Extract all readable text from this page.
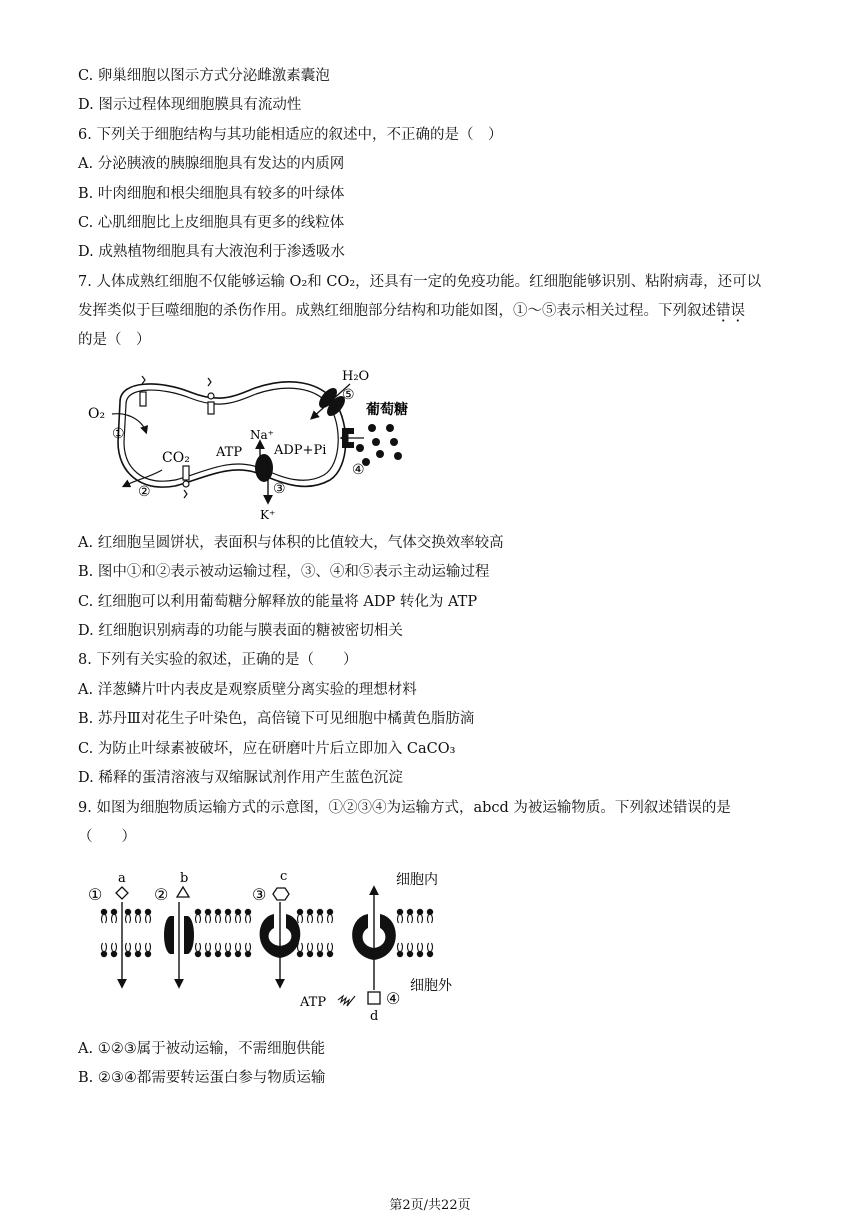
C. 卵巢细胞以图示方式分泌雌激素囊泡
D. 图示过程体现细胞膜具有流动性
6. 下列关于细胞结构与其功能相适应的叙述中，不正确的是（　）
A. 分泌胰液的胰腺细胞具有发达的内质网
B. 叶肉细胞和根尖细胞具有较多的叶绿体
C. 心肌细胞比上皮细胞具有更多的线粒体
D. 成熟植物细胞具有大液泡利于渗透吸水
7. 人体成熟红细胞不仅能够运输 O₂和 CO₂，还具有一定的免疫功能。红细胞能够识别、粘附病毒，还可以
发挥类似于巨噬细胞的杀伤作用。成熟红细胞部分结构和功能如图，①～⑤表示相关过程。下列叙述错误
的是（　）
O₂
①
CO₂
②
Na⁺
ATP ADP+Pi
③
K⁺
H₂O
⑤
葡萄糖
④
A. 红细胞呈圆饼状，表面积与体积的比值较大，气体交换效率较高
B. 图中①和②表示被动运输过程，③、④和⑤表示主动运输过程
C. 红细胞可以利用葡萄糖分解释放的能量将 ADP 转化为 ATP
D. 红细胞识别病毒的功能与膜表面的糖被密切相关
8. 下列有关实验的叙述，正确的是（　　）
A. 洋葱鳞片叶内表皮是观察质壁分离实验的理想材料
B. 苏丹Ⅲ对花生子叶染色，高倍镜下可见细胞中橘黄色脂肪滴
C. 为防止叶绿素被破坏，应在研磨叶片后立即加入 CaCO₃
D. 稀释的蛋清溶液与双缩脲试剂作用产生蓝色沉淀
9. 如图为细胞物质运输方式的示意图，①②③④为运输方式，abcd 为被运输物质。下列叙述错误的是
（　　）
①
a
②
b
③
c	细胞内
d
④
ATP
细胞外
A. ①②③属于被动运输，不需细胞供能
B. ②③④都需要转运蛋白参与物质运输
第2页/共22页
